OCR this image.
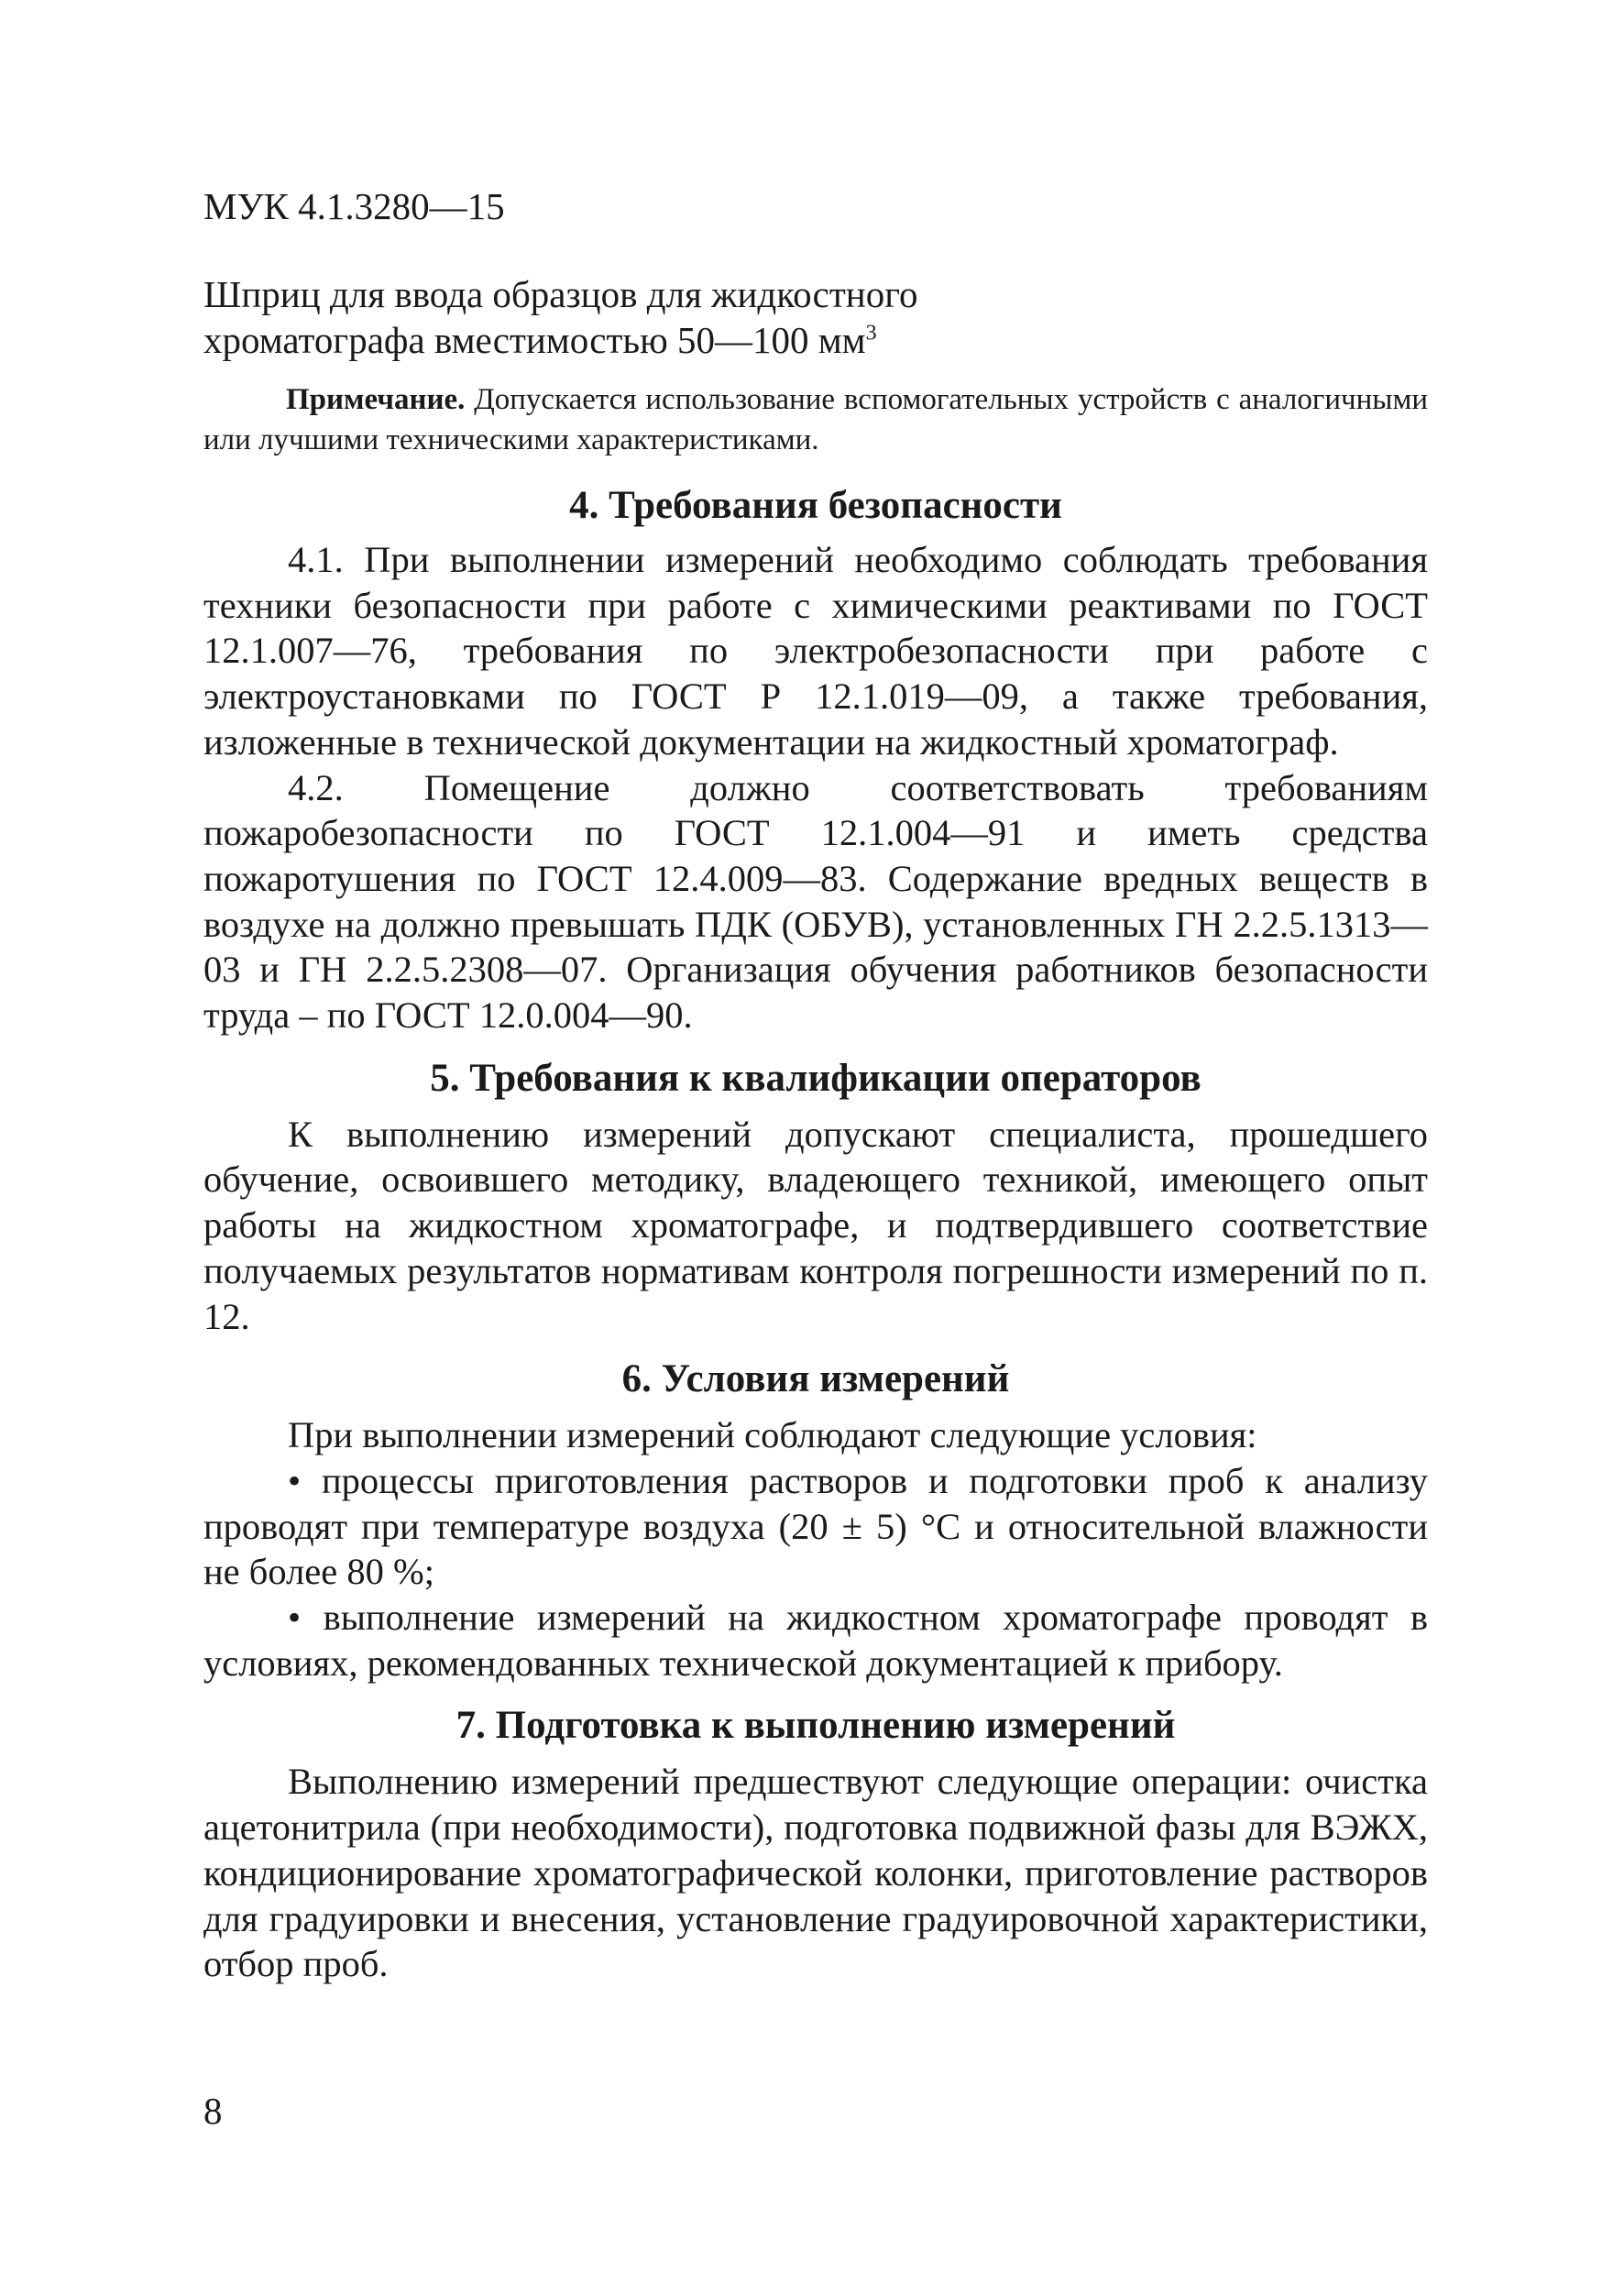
МУК 4.1.3280—15
Шприц для ввода образцов для жидкостного
хроматографа вместимостью 50—100 $мм^3$

Примечание. Допускается использование вспомогательных устройств с аналогичными или лучшими техническими характеристиками.

4. Требования безопасности

4.1. При выполнении измерений необходимо соблюдать требования техники безопасности при работе с химическими реактивами по ГОСТ 12.1.007—76, требования по электробезопасности при работе с электроустановками по ГОСТ Р 12.1.019—09, а также требования, изложенные в технической документации на жидкостный хроматограф.

4.2. Помещение должно соответствовать требованиям пожаробезопасности по ГОСТ 12.1.004—91 и иметь средства пожаротушения по ГОСТ 12.4.009—83. Содержание вредных веществ в воздухе на должно превышать ПДК (ОБУВ), установленных ГН 2.2.5.1313—03 и ГН 2.2.5.2308—07. Организация обучения работников безопасности труда – по ГОСТ 12.0.004—90.

5. Требования к квалификации операторов

К выполнению измерений допускают специалиста, прошедшего обучение, освоившего методику, владеющего техникой, имеющего опыт работы на жидкостном хроматографе, и подтвердившего соответствие получаемых результатов нормативам контроля погрешности измерений по п. 12.

6. Условия измерений

При выполнении измерений соблюдают следующие условия:

• процессы приготовления растворов и подготовки проб к анализу проводят при температуре воздуха (20 ± 5) °С и относительной влажности не более 80 %;

• выполнение измерений на жидкостном хроматографе проводят в условиях, рекомендованных технической документацией к прибору.

7. Подготовка к выполнению измерений

Выполнению измерений предшествуют следующие операции: очистка ацетонитрила (при необходимости), подготовка подвижной фазы для ВЭЖХ, кондиционирование хроматографической колонки, приготовление растворов для градуировки и внесения, установление градуировочной характеристики, отбор проб.

8
